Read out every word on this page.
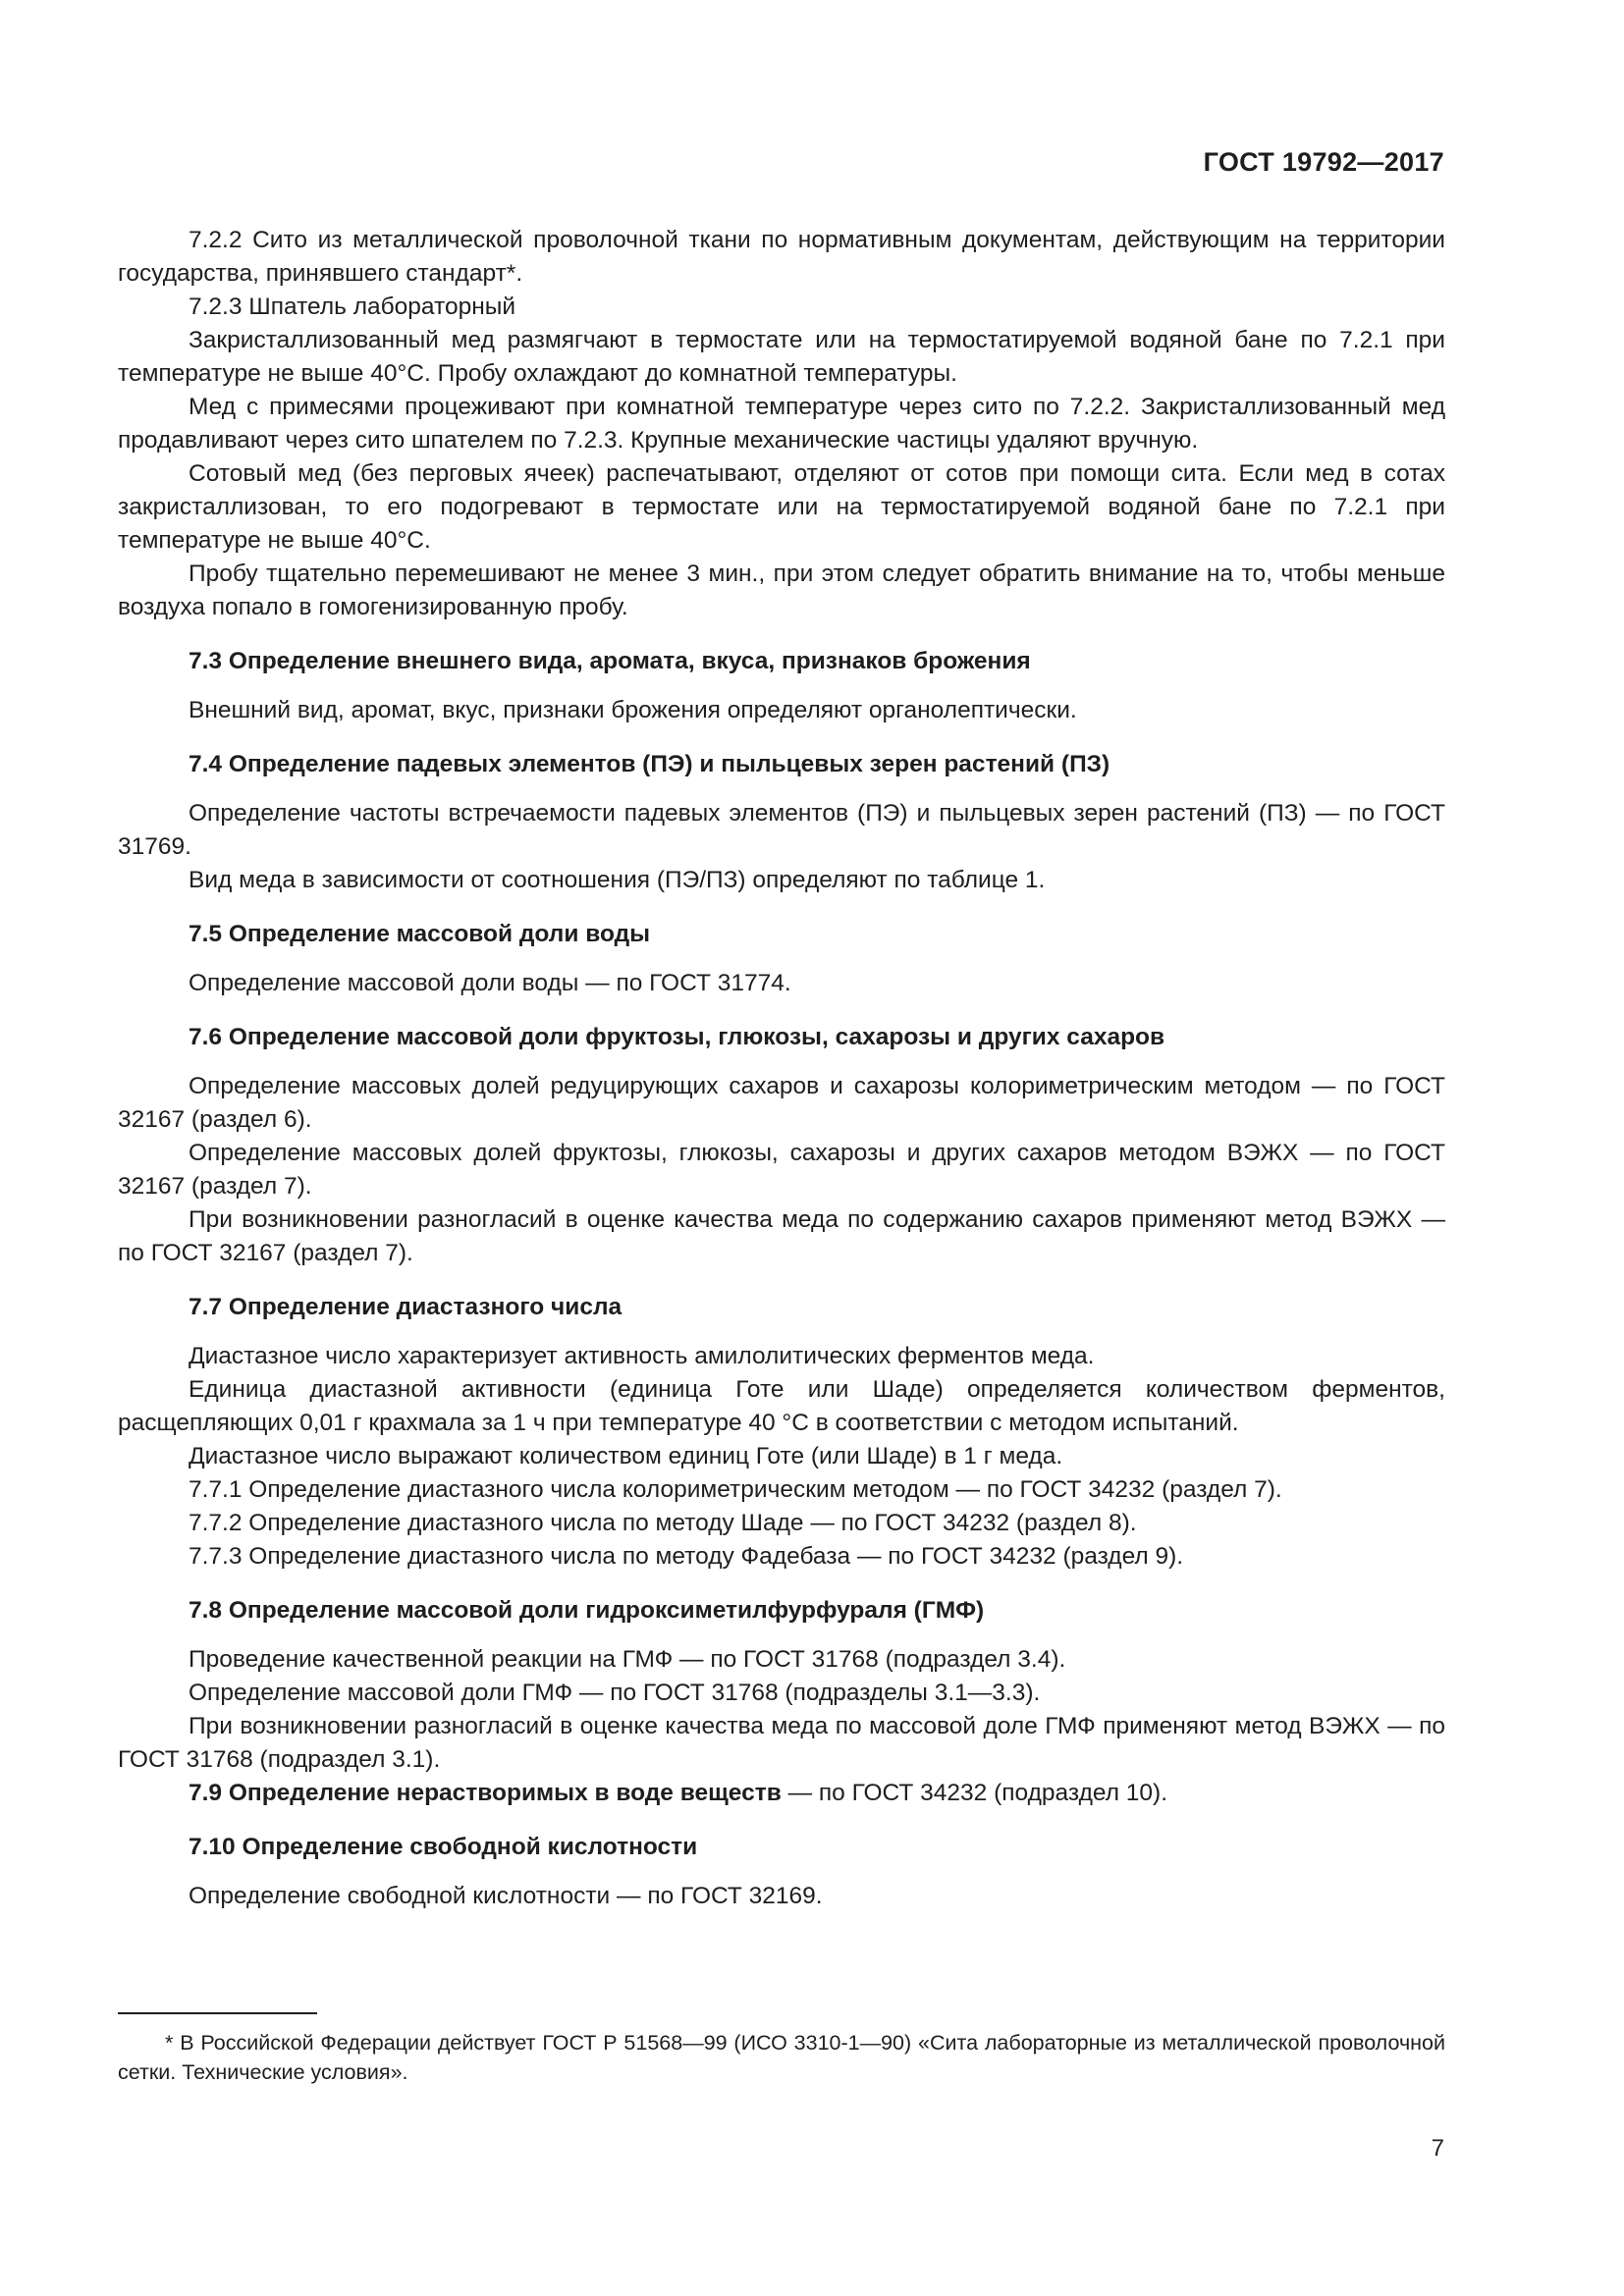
ГОСТ 19792—2017

7.2.2 Сито из металлической проволочной ткани по нормативным документам, действующим на территории государства, принявшего стандарт*.

7.2.3 Шпатель лабораторный

Закристаллизованный мед размягчают в термостате или на термостатируемой водяной бане по 7.2.1 при температуре не выше 40°С. Пробу охлаждают до комнатной температуры.

Мед с примесями процеживают при комнатной температуре через сито по 7.2.2. Закристаллизованный мед продавливают через сито шпателем по 7.2.3. Крупные механические частицы удаляют вручную.

Сотовый мед (без перговых ячеек) распечатывают, отделяют от сотов при помощи сита. Если мед в сотах закристаллизован, то его подогревают в термостате или на термостатируемой водяной бане по 7.2.1 при температуре не выше 40°С.

Пробу тщательно перемешивают не менее 3 мин., при этом следует обратить внимание на то, чтобы меньше воздуха попало в гомогенизированную пробу.

7.3 Определение внешнего вида, аромата, вкуса, признаков брожения

Внешний вид, аромат, вкус, признаки брожения определяют органолептически.

7.4 Определение падевых элементов (ПЭ) и пыльцевых зерен растений (ПЗ)

Определение частоты встречаемости падевых элементов (ПЭ) и пыльцевых зерен растений (ПЗ) — по ГОСТ 31769.

Вид меда в зависимости от соотношения (ПЭ/ПЗ) определяют по таблице 1.

7.5 Определение массовой доли воды

Определение массовой доли воды — по ГОСТ 31774.

7.6 Определение массовой доли фруктозы, глюкозы, сахарозы и других сахаров

Определение массовых долей редуцирующих сахаров и сахарозы колориметрическим методом — по ГОСТ 32167 (раздел 6).

Определение массовых долей фруктозы, глюкозы, сахарозы и других сахаров методом ВЭЖХ — по ГОСТ 32167 (раздел 7).

При возникновении разногласий в оценке качества меда по содержанию сахаров применяют метод ВЭЖХ — по ГОСТ 32167 (раздел 7).

7.7 Определение диастазного числа

Диастазное число характеризует активность амилолитических ферментов меда.

Единица диастазной активности (единица Готе или Шаде) определяется количеством ферментов, расщепляющих 0,01 г крахмала за 1 ч при температуре 40 °С в соответствии с методом испытаний.

Диастазное число выражают количеством единиц Готе (или Шаде) в 1 г меда.

7.7.1 Определение диастазного числа колориметрическим методом — по ГОСТ 34232 (раздел 7).

7.7.2 Определение диастазного числа по методу Шаде — по ГОСТ 34232 (раздел 8).

7.7.3 Определение диастазного числа по методу Фадебаза — по ГОСТ 34232 (раздел 9).

7.8 Определение массовой доли гидроксиметилфурфураля (ГМФ)

Проведение качественной реакции на ГМФ — по ГОСТ 31768 (подраздел 3.4).

Определение массовой доли ГМФ — по ГОСТ 31768 (подразделы 3.1—3.3).

При возникновении разногласий в оценке качества меда по массовой доле ГМФ применяют метод ВЭЖХ — по ГОСТ 31768 (подраздел 3.1).

7.9 Определение нерастворимых в воде веществ — по ГОСТ 34232 (подраздел 10).

7.10 Определение свободной кислотности

Определение свободной кислотности — по ГОСТ 32169.

* В Российской Федерации действует ГОСТ Р 51568—99 (ИСО 3310-1—90) «Сита лабораторные из металлической проволочной сетки. Технические условия».

7
